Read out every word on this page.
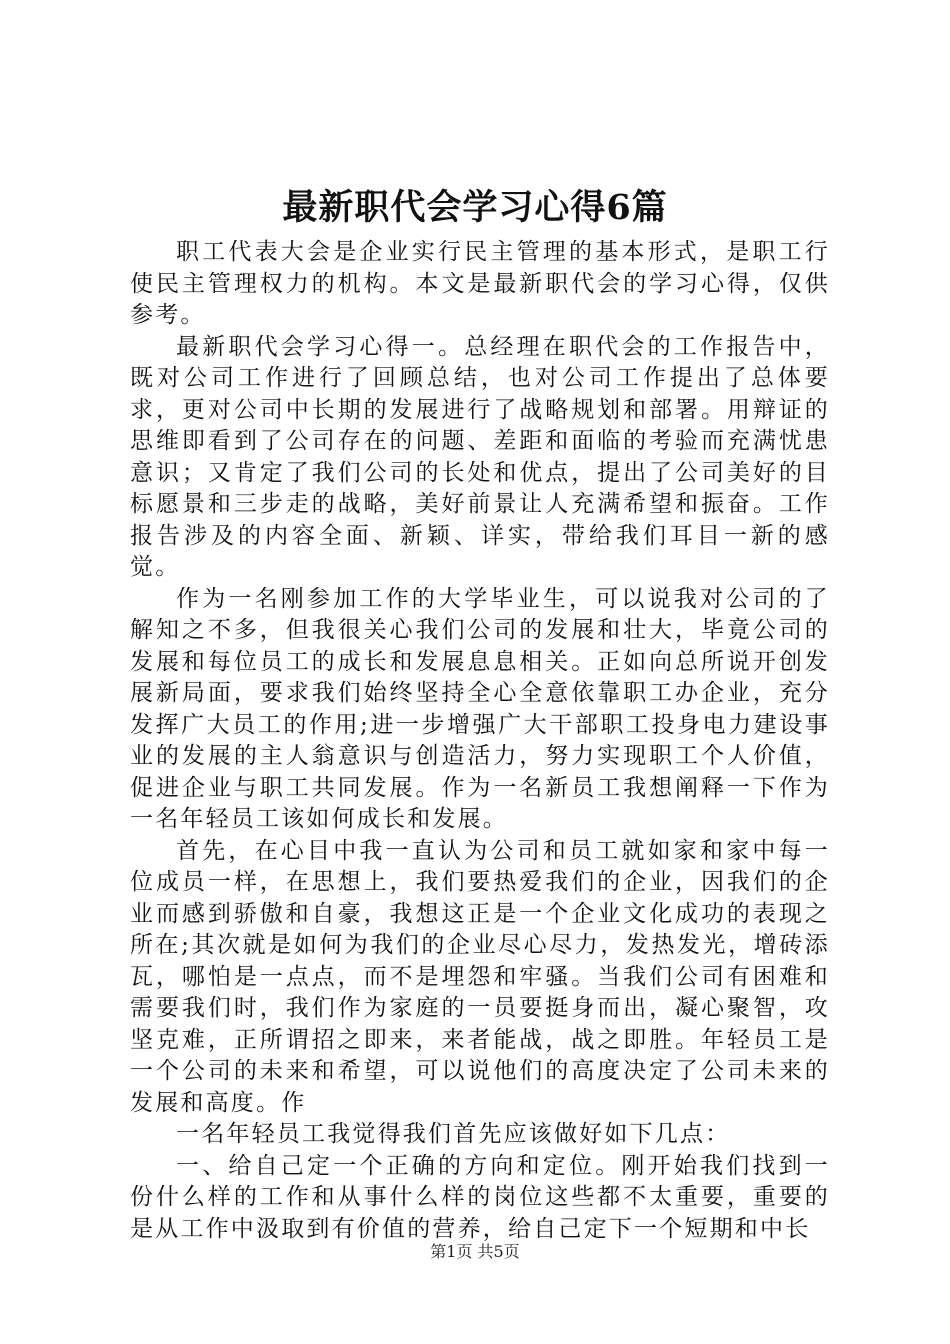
最新职代会学习心得6篇

职工代表大会是企业实行民主管理的基本形式，是职工行使民主管理权力的机构。本文是最新职代会的学习心得，仅供参考。

最新职代会学习心得一。总经理在职代会的工作报告中，既对公司工作进行了回顾总结，也对公司工作提出了总体要求，更对公司中长期的发展进行了战略规划和部署。用辩证的思维即看到了公司存在的问题、差距和面临的考验而充满忧患意识；又肯定了我们公司的长处和优点，提出了公司美好的目标愿景和三步走的战略，美好前景让人充满希望和振奋。工作报告涉及的内容全面、新颖、详实，带给我们耳目一新的感觉。

作为一名刚参加工作的大学毕业生，可以说我对公司的了解知之不多，但我很关心我们公司的发展和壮大，毕竟公司的发展和每位员工的成长和发展息息相关。正如向总所说开创发展新局面，要求我们始终坚持全心全意依靠职工办企业，充分发挥广大员工的作用;进一步增强广大干部职工投身电力建设事业的发展的主人翁意识与创造活力，努力实现职工个人价值，促进企业与职工共同发展。作为一名新员工我想阐释一下作为一名年轻员工该如何成长和发展。

首先，在心目中我一直认为公司和员工就如家和家中每一位成员一样，在思想上，我们要热爱我们的企业，因我们的企业而感到骄傲和自豪，我想这正是一个企业文化成功的表现之所在;其次就是如何为我们的企业尽心尽力，发热发光，增砖添瓦，哪怕是一点点，而不是埋怨和牢骚。当我们公司有困难和需要我们时，我们作为家庭的一员要挺身而出，凝心聚智，攻坚克难，正所谓招之即来，来者能战，战之即胜。年轻员工是一个公司的未来和希望，可以说他们的高度决定了公司未来的发展和高度。作

一名年轻员工我觉得我们首先应该做好如下几点：

一、给自己定一个正确的方向和定位。刚开始我们找到一份什么样的工作和从事什么样的岗位这些都不太重要，重要的是从工作中汲取到有价值的营养，给自己定下一个短期和中长

第1页 共5页
